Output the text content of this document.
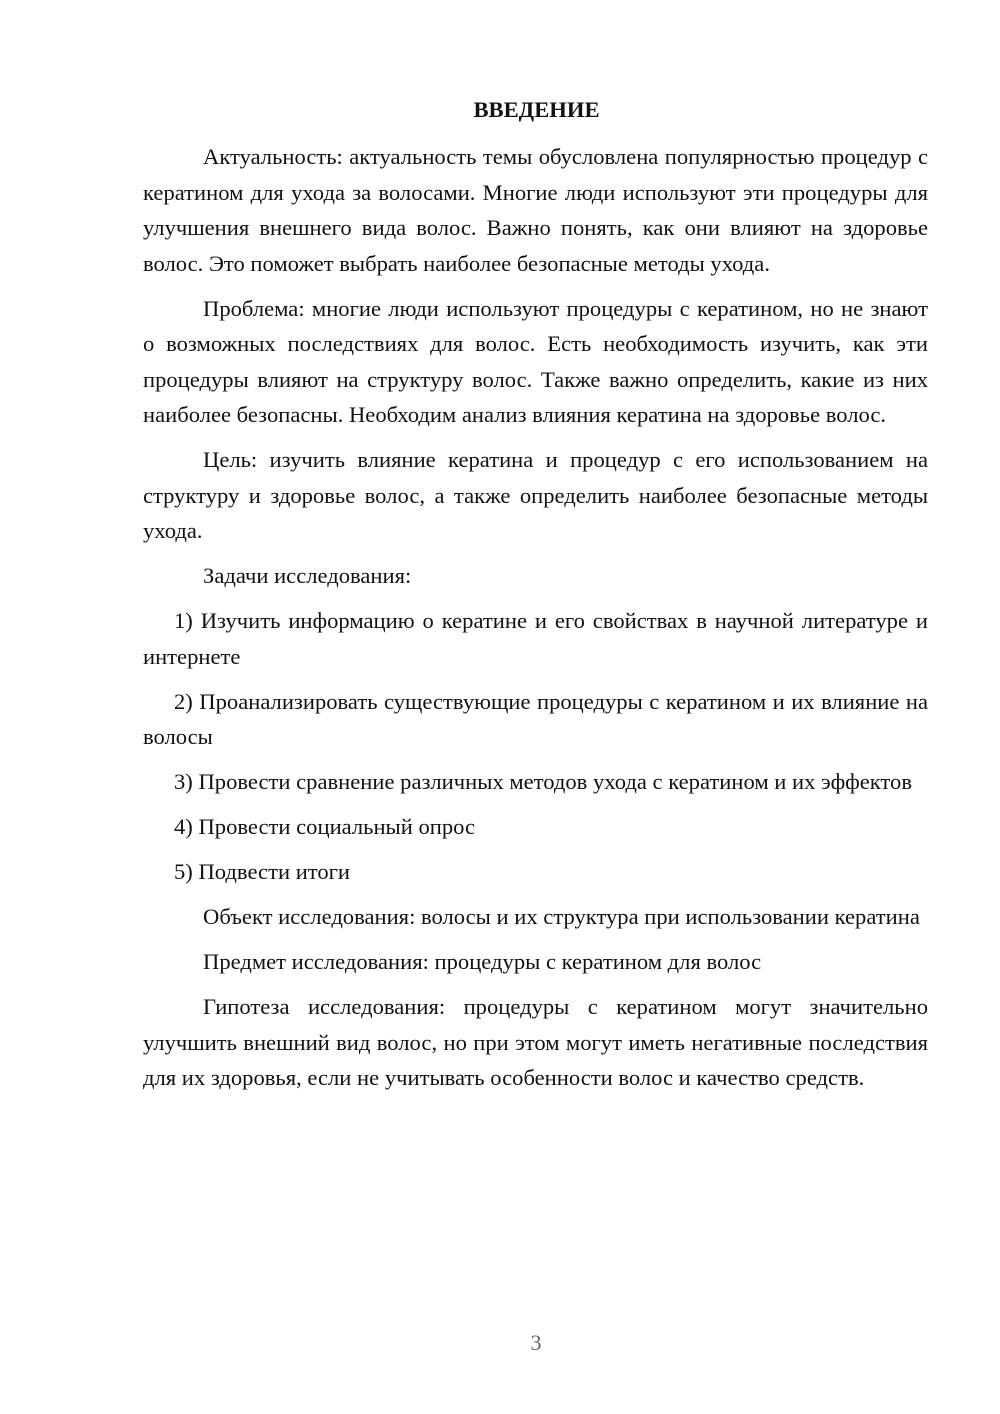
ВВЕДЕНИЕ

Актуальность: актуальность темы обусловлена популярностью процедур с кератином для ухода за волосами. Многие люди используют эти процедуры для улучшения внешнего вида волос. Важно понять, как они влияют на здоровье волос. Это поможет выбрать наиболее безопасные методы ухода.

Проблема: многие люди используют процедуры с кератином, но не знают о возможных последствиях для волос. Есть необходимость изучить, как эти процедуры влияют на структуру волос. Также важно определить, какие из них наиболее безопасны. Необходим анализ влияния кератина на здоровье волос.

Цель: изучить влияние кератина и процедур с его использованием на структуру и здоровье волос, а также определить наиболее безопасные методы ухода.

Задачи исследования:

1) Изучить информацию о кератине и его свойствах в научной литературе и интернете

2) Проанализировать существующие процедуры с кератином и их влияние на волосы

3) Провести сравнение различных методов ухода с кератином и их эффектов

4) Провести социальный опрос

5) Подвести итоги

Объект исследования: волосы и их структура при использовании кератина

Предмет исследования: процедуры с кератином для волос

Гипотеза исследования: процедуры с кератином могут значительно улучшить внешний вид волос, но при этом могут иметь негативные последствия для их здоровья, если не учитывать особенности волос и качество средств.

3
